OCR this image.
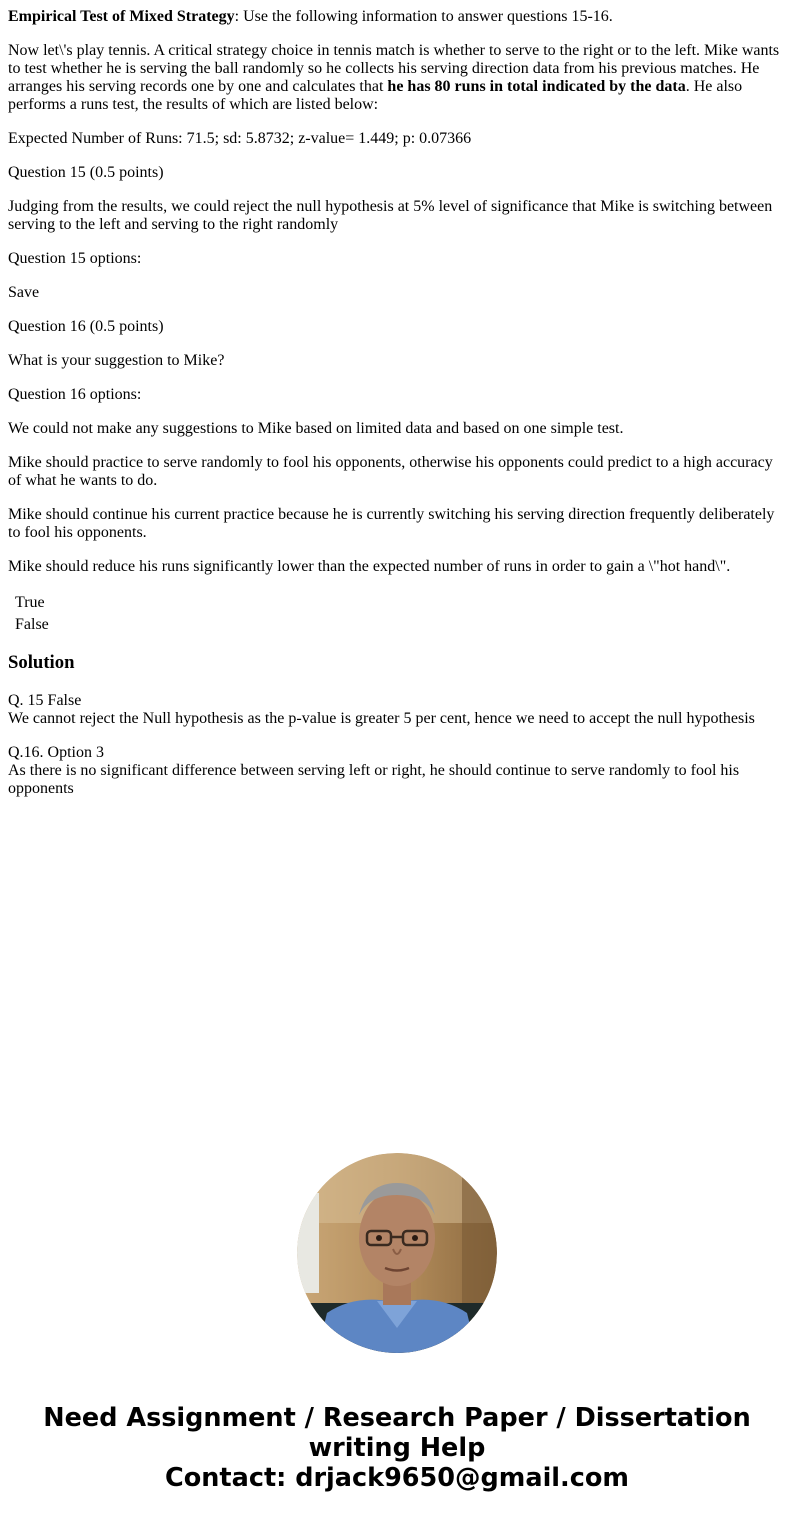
Empirical Test of Mixed Strategy: Use the following information to answer questions 15-16.

Now let\'s play tennis. A critical strategy choice in tennis match is whether to serve to the right or to the left. Mike wants to test whether he is serving the ball randomly so he collects his serving direction data from his previous matches. He arranges his serving records one by one and calculates that he has 80 runs in total indicated by the data. He also performs a runs test, the results of which are listed below:

Expected Number of Runs: 71.5; sd: 5.8732; z-value= 1.449; p: 0.07366

Question 15 (0.5 points)

Judging from the results, we could reject the null hypothesis at 5% level of significance that Mike is switching between serving to the left and serving to the right randomly

Question 15 options:

Save

Question 16 (0.5 points)

What is your suggestion to Mike?

Question 16 options:

We could not make any suggestions to Mike based on limited data and based on one simple test.

Mike should practice to serve randomly to fool his opponents, otherwise his opponents could predict to a high accuracy of what he wants to do.

Mike should continue his current practice because he is currently switching his serving direction frequently deliberately to fool his opponents.

Mike should reduce his runs significantly lower than the expected number of runs in order to gain a \"hot hand\".

True
False
Solution

Q. 15 False
We cannot reject the Null hypothesis as the p-value is greater 5 per cent, hence we need to accept the null hypothesis

Q.16. Option 3
As there is no significant difference between serving left or right, he should continue to serve randomly to fool his opponents

Need Assignment / Research Paper / Dissertation
writing Help
Contact: drjack9650@gmail.com
